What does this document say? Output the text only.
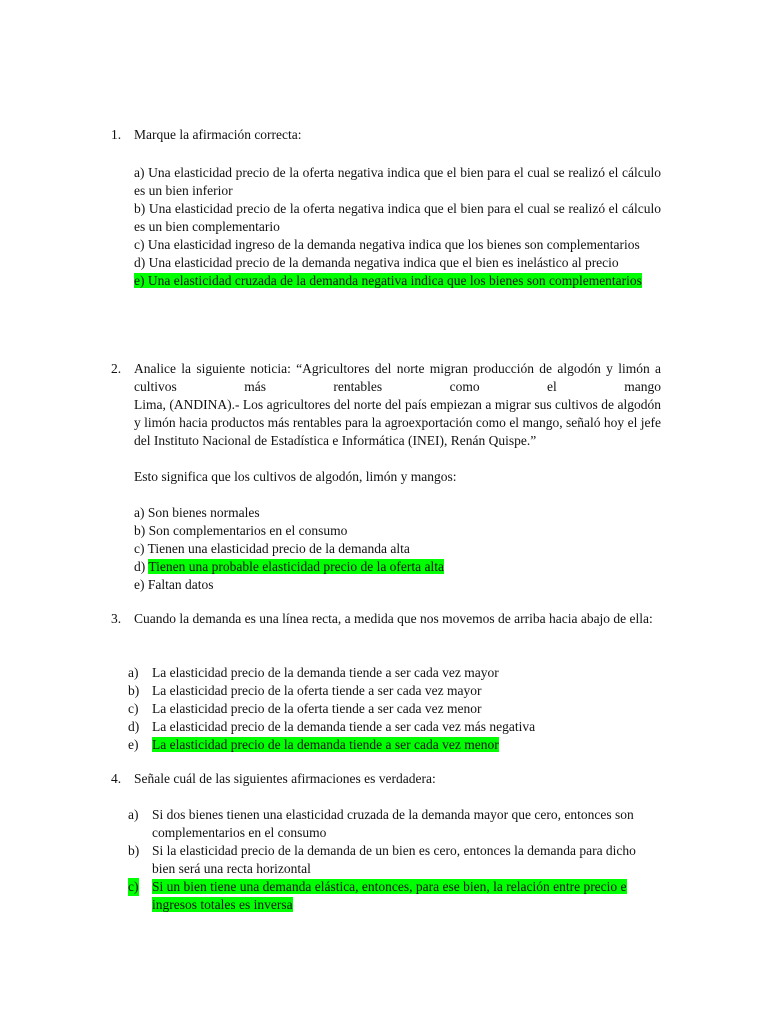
1. Marque la afirmación correcta:
a) Una elasticidad precio de la oferta negativa indica que el bien para el cual se realizó el cálculo es un bien inferior
b) Una elasticidad precio de la oferta negativa indica que el bien para el cual se realizó el cálculo es un bien complementario
c) Una elasticidad ingreso de la demanda negativa indica que los bienes son complementarios
d) Una elasticidad precio de la demanda negativa indica que el bien es inelástico al precio
e) Una elasticidad cruzada de la demanda negativa indica que los bienes son complementarios
2. Analice la siguiente noticia: “Agricultores del norte migran producción de algodón y limón a cultivos más rentables como el mango
Lima, (ANDINA).- Los agricultores del norte del país empiezan a migrar sus cultivos de algodón y limón hacia productos más rentables para la agroexportación como el mango, señaló hoy el jefe del Instituto Nacional de Estadística e Informática (INEI), Renán Quispe.”
Esto significa que los cultivos de algodón, limón y mangos:
a) Son bienes normales
b) Son complementarios en el consumo
c) Tienen una elasticidad precio de la demanda alta
d) Tienen una probable elasticidad precio de la oferta alta
e) Faltan datos
3. Cuando la demanda es una línea recta, a medida que nos movemos de arriba hacia abajo de ella:
a) La elasticidad precio de la demanda tiende a ser cada vez mayor
b) La elasticidad precio de la oferta tiende a ser cada vez mayor
c) La elasticidad precio de la oferta tiende a ser cada vez menor
d) La elasticidad precio de la demanda tiende a ser cada vez más negativa
e) La elasticidad precio de la demanda tiende a ser cada vez menor
4. Señale cuál de las siguientes afirmaciones es verdadera:
a) Si dos bienes tienen una elasticidad cruzada de la demanda mayor que cero, entonces son complementarios en el consumo
b) Si la elasticidad precio de la demanda de un bien es cero, entonces la demanda para dicho bien será una recta horizontal
c) Si un bien tiene una demanda elástica, entonces, para ese bien, la relación entre precio e ingresos totales es inversa
